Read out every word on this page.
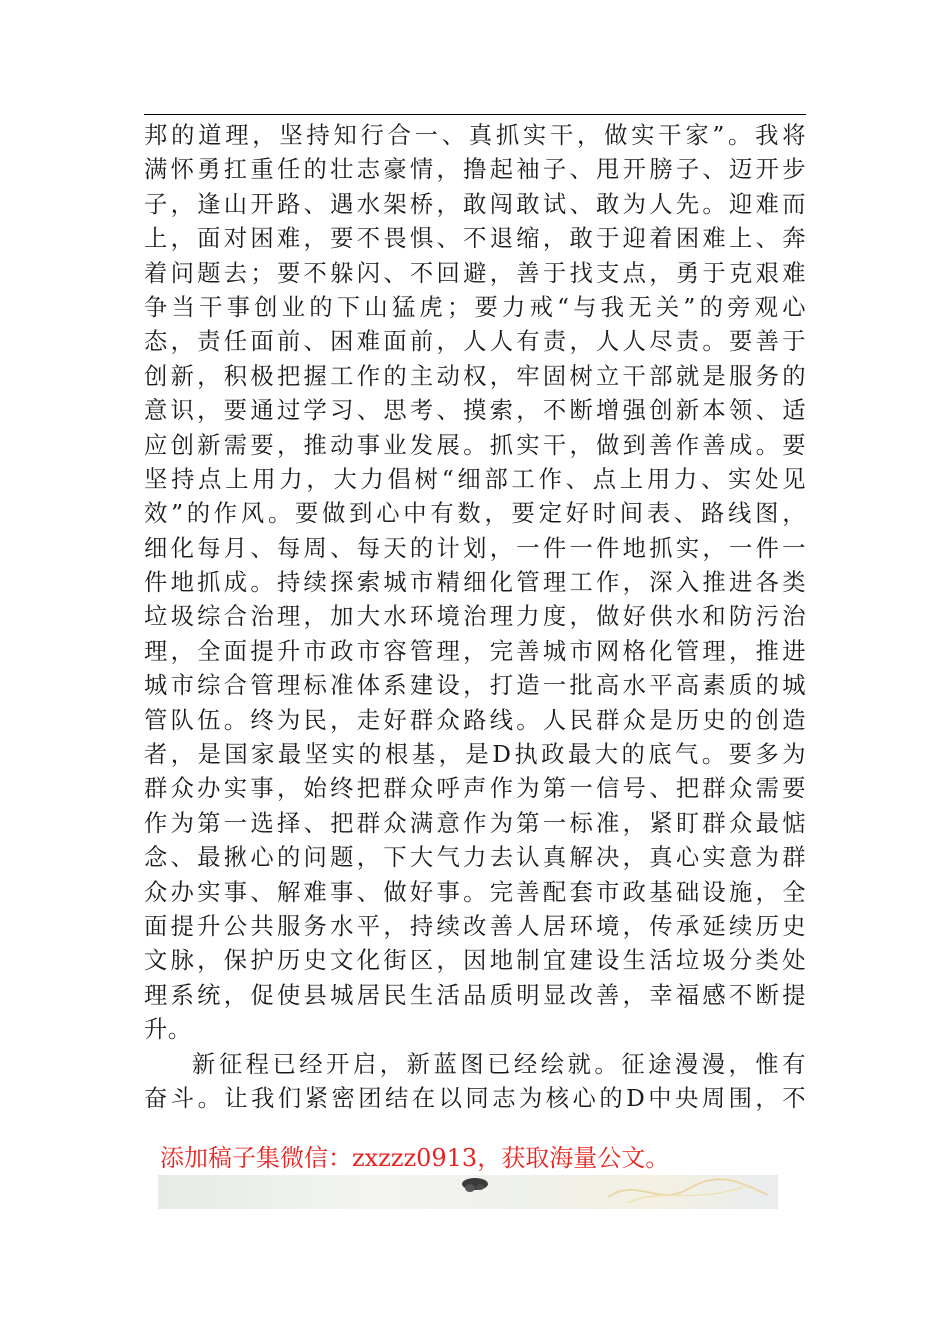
邦的道理，坚持知行合一、真抓实干，做实干家”。我将
满怀勇扛重任的壮志豪情，撸起袖子、甩开膀子、迈开步
子，逢山开路、遇水架桥，敢闯敢试、敢为人先。迎难而
上，面对困难，要不畏惧、不退缩，敢于迎着困难上、奔
着问题去；要不躲闪、不回避，善于找支点，勇于克艰难
争当干事创业的下山猛虎；要力戒“与我无关”的旁观心
态，责任面前、困难面前，人人有责，人人尽责。要善于
创新，积极把握工作的主动权，牢固树立干部就是服务的
意识，要通过学习、思考、摸索，不断增强创新本领、适
应创新需要，推动事业发展。抓实干，做到善作善成。要
坚持点上用力，大力倡树“细部工作、点上用力、实处见
效”的作风。要做到心中有数，要定好时间表、路线图，
细化每月、每周、每天的计划，一件一件地抓实，一件一
件地抓成。持续探索城市精细化管理工作，深入推进各类
垃圾综合治理，加大水环境治理力度，做好供水和防污治
理，全面提升市政市容管理，完善城市网格化管理，推进
城市综合管理标准体系建设，打造一批高水平高素质的城
管队伍。终为民，走好群众路线。人民群众是历史的创造
者，是国家最坚实的根基，是D执政最大的底气。要多为
群众办实事，始终把群众呼声作为第一信号、把群众需要
作为第一选择、把群众满意作为第一标准，紧盯群众最惦
念、最揪心的问题，下大气力去认真解决，真心实意为群
众办实事、解难事、做好事。完善配套市政基础设施，全
面提升公共服务水平，持续改善人居环境，传承延续历史
文脉，保护历史文化街区，因地制宜建设生活垃圾分类处
理系统，促使县城居民生活品质明显改善，幸福感不断提
升。
新征程已经开启，新蓝图已经绘就。征途漫漫，惟有
奋斗。让我们紧密团结在以同志为核心的D中央周围，不
添加稿子集微信：zxzzz0913，获取海量公文。
